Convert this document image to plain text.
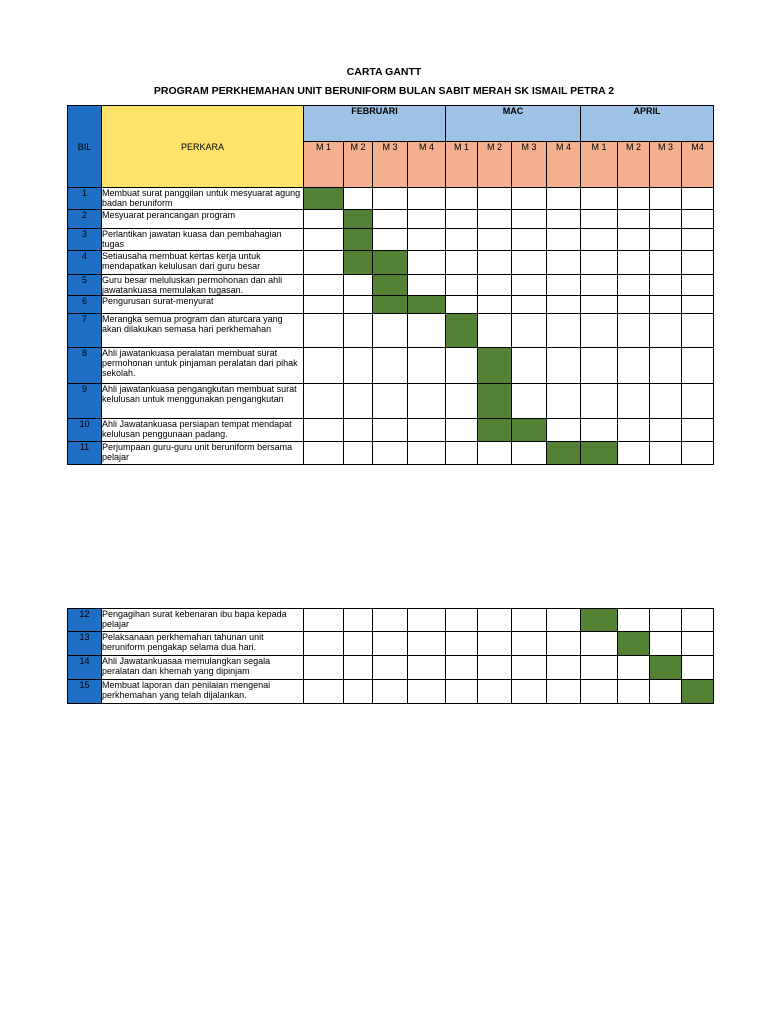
CARTA GANTT
PROGRAM PERKHEMAHAN UNIT BERUNIFORM BULAN SABIT MERAH SK ISMAIL PETRA 2
BIL	PERKARA	FEBRUARI				MAC				APRIL			
		M 1	M 2	M 3	M 4	M 1	M 2	M 3	M 4	M 1	M 2	M 3	M4
1	Membuat surat panggilan untuk mesyuarat agung badan beruniform												
2	Mesyuarat perancangan program												
3	Perlantikan jawatan kuasa dan pembahagian tugas												
4	Setiausaha membuat kertas kerja untuk mendapatkan kelulusan dari guru besar												
5	Guru besar meluluskan permohonan dan ahli jawatankuasa memulakan tugasan.												
6	Pengurusan surat-menyurat												
7	Merangka semua program dan aturcara yang akan dilakukan semasa hari perkhemahan												
8	Ahli jawatankuasa peralatan membuat surat permohonan untuk pinjaman peralatan dari pihak sekolah.												
9	Ahli jawatankuasa pengangkutan membuat surat kelulusan untuk menggunakan pengangkutan												
10	Ahli Jawatankuasa persiapan tempat mendapat kelulusan penggunaan padang.												
11	Perjumpaan guru-guru unit beruniform bersama pelajar												
12	Pengagihan surat kebenaran ibu bapa kepada pelajar												
13	Pelaksanaan perkhemahan tahunan unit beruniform pengakap selama dua hari.												
14	Ahli Jawatankuasaa memulangkan segala peralatan dan khemah yang dipinjam												
15	Membuat laporan dan penilaian mengenai perkhemahan yang telah dijalankan.												
